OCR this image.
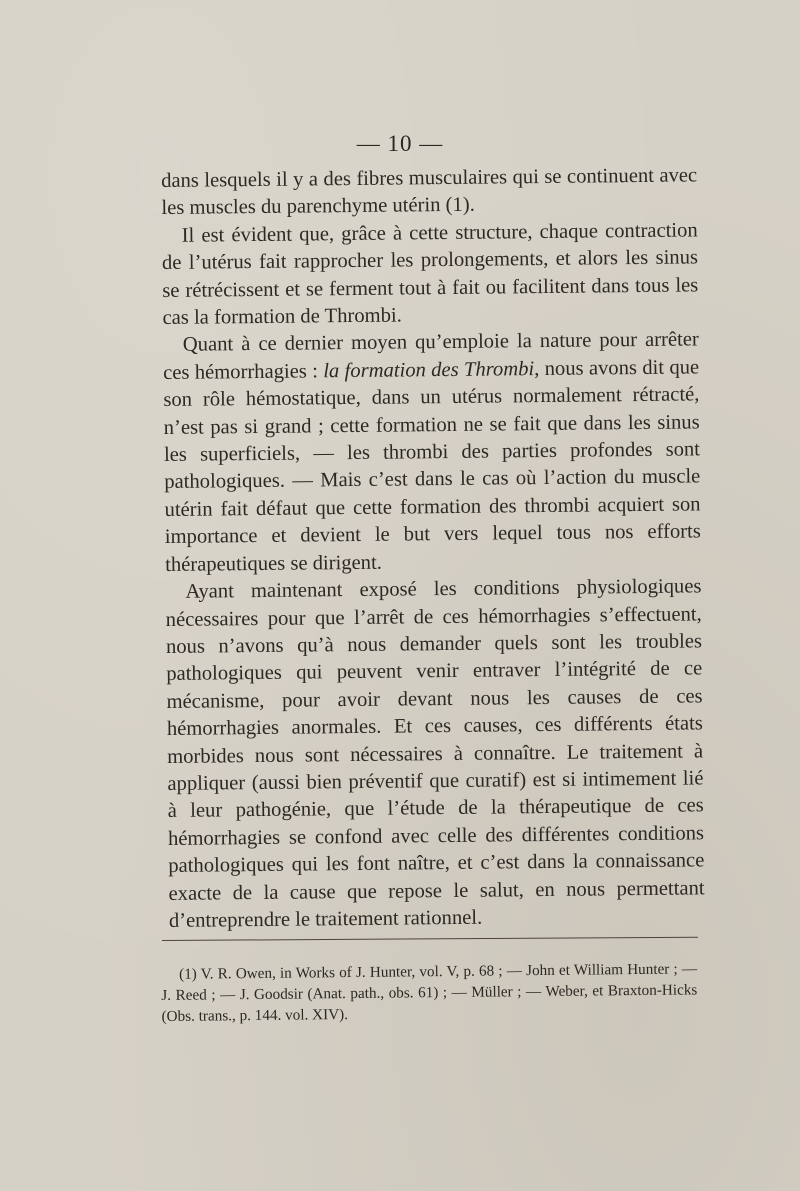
— 10 —

dans lesquels il y a des fibres musculaires qui se continuent avec les muscles du parenchyme utérin (1).

Il est évident que, grâce à cette structure, chaque contraction de l’utérus fait rapprocher les prolongements, et alors les sinus se rétrécissent et se ferment tout à fait ou facilitent dans tous les cas la formation de Thrombi.

Quant à ce dernier moyen qu’emploie la nature pour arrêter ces hémorrhagies : la formation des Thrombi, nous avons dit que son rôle hémostatique, dans un utérus normalement rétracté, n’est pas si grand ; cette formation ne se fait que dans les sinus les superficiels, — les thrombi des parties profondes sont pathologiques. — Mais c’est dans le cas où l’action du muscle utérin fait défaut que cette formation des thrombi acquiert son importance et devient le but vers lequel tous nos efforts thérapeutiques se dirigent.

Ayant maintenant exposé les conditions physiologiques nécessaires pour que l’arrêt de ces hémorrhagies s’effectuent, nous n’avons qu’à nous demander quels sont les troubles pathologiques qui peuvent venir entraver l’intégrité de ce mécanisme, pour avoir devant nous les causes de ces hémorrhagies anormales. Et ces causes, ces différents états morbides nous sont nécessaires à connaître. Le traitement à appliquer (aussi bien préventif que curatif) est si intimement lié à leur pathogénie, que l’étude de la thérapeutique de ces hémorrhagies se confond avec celle des différentes conditions pathologiques qui les font naître, et c’est dans la connaissance exacte de la cause que repose le salut, en nous permettant d’entreprendre le traitement rationnel.

(1) V. R. Owen, in Works of J. Hunter, vol. V, p. 68 ; — John et William Hunter ; — J. Reed ; — J. Goodsir (Anat. path., obs. 61) ; — Müller ; — Weber, et Braxton-Hicks (Obs. trans., p. 144. vol. XIV).
